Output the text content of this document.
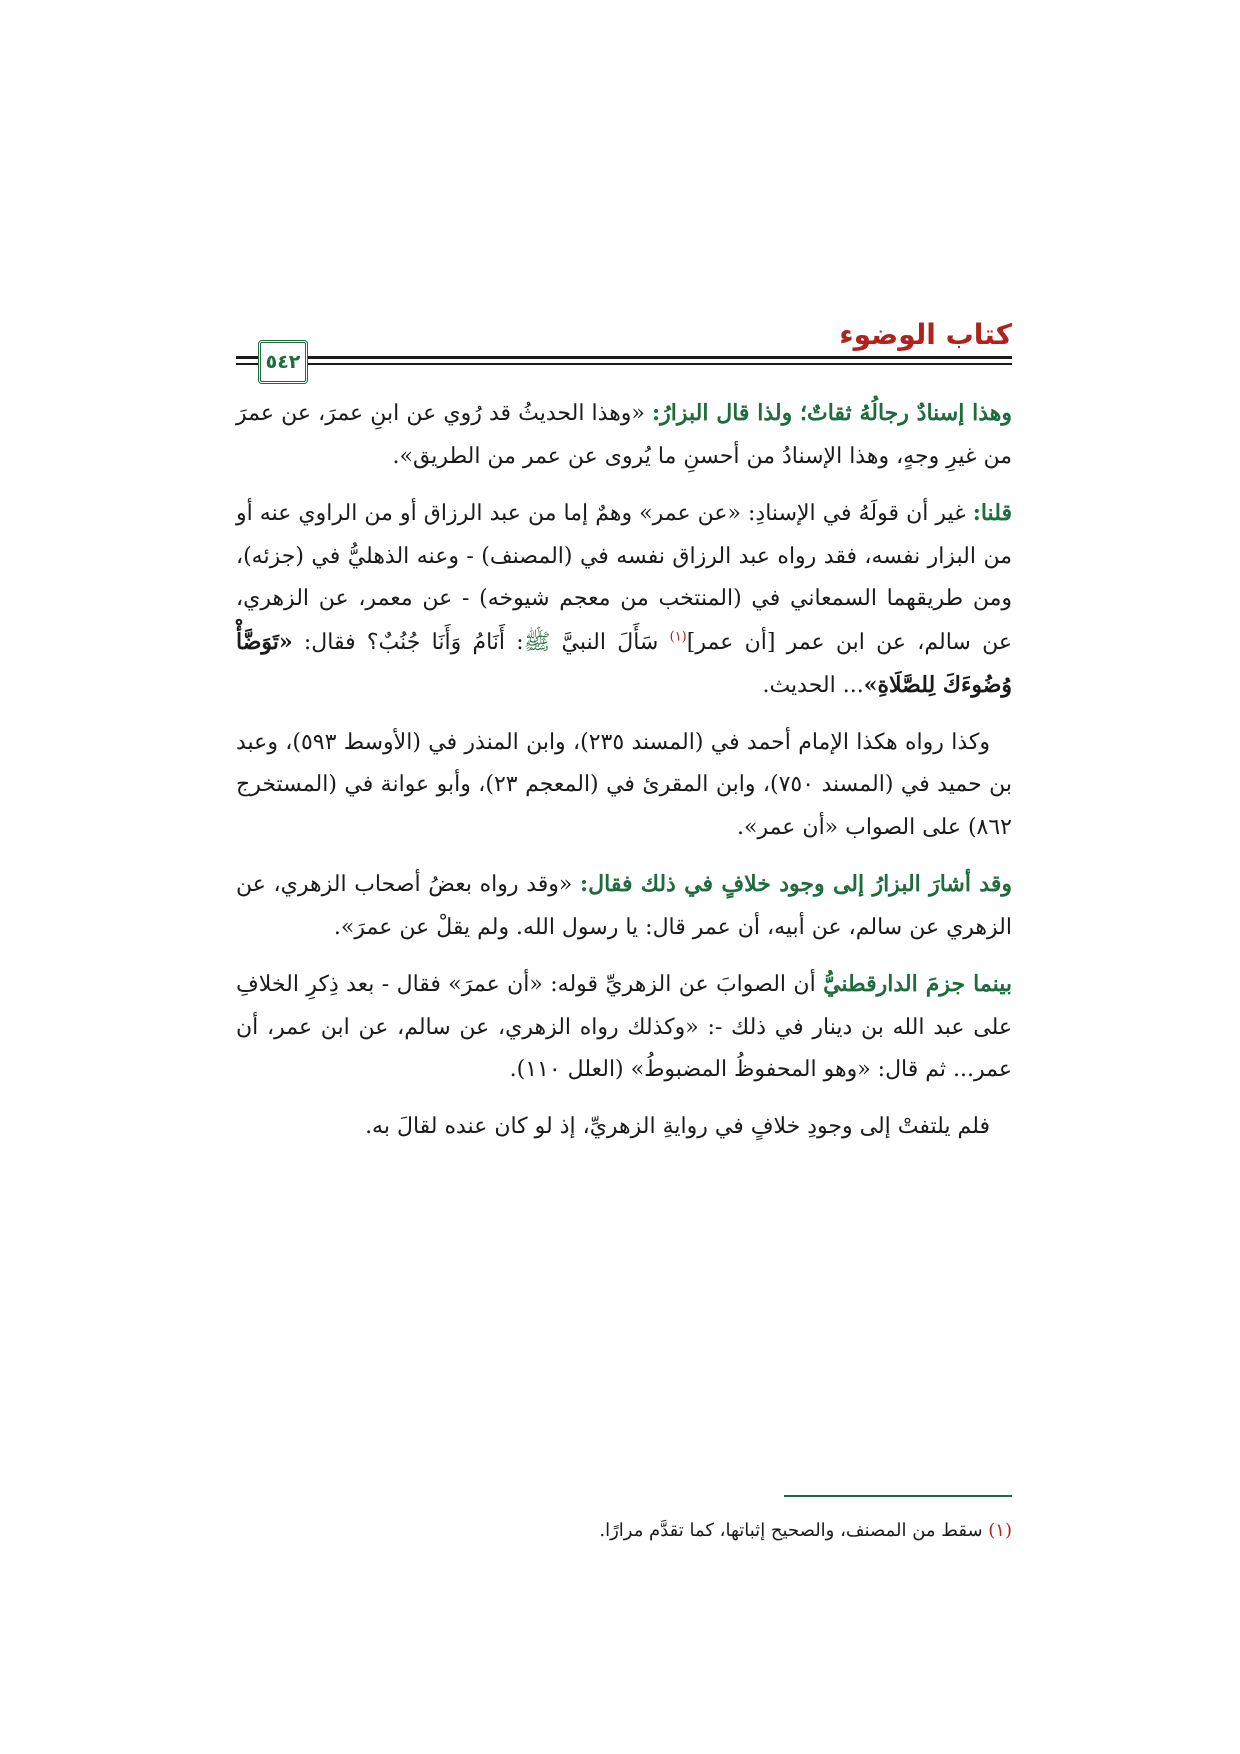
كتاب الوضوء
٥٤٢

وهذا إسنادٌ رجالُهُ ثقاتٌ؛ ولذا قال البزارُ: «وهذا الحديثُ قد رُوي عن ابنِ عمرَ، عن عمرَ من غيرِ وجهٍ، وهذا الإسنادُ من أحسنِ ما يُروى عن عمر من الطريق».

قلنا: غير أن قولَهُ في الإسنادِ: «عن عمر» وهمٌ إما من عبد الرزاق أو من الراوي عنه أو من البزار نفسه، فقد رواه عبد الرزاق نفسه في (المصنف) - وعنه الذهليُّ في (جزئه)، ومن طريقهما السمعاني في (المنتخب من معجم شيوخه) - عن معمر، عن الزهري، عن سالم، عن ابن عمر [أن عمر]$^{(١)}$ سَأَلَ النبيَّ ﷺ: أَنَامُ وَأَنَا جُنُبٌ؟ فقال: «تَوَضَّأْ وُضُوءَكَ لِلصَّلَاةِ»... الحديث.

وكذا رواه هكذا الإمام أحمد في (المسند ٢٣٥)، وابن المنذر في (الأوسط ٥٩٣)، وعبد بن حميد في (المسند ٧٥٠)، وابن المقرئ في (المعجم ٢٣)، وأبو عوانة في (المستخرج ٨٦٢) على الصواب «أن عمر».

وقد أشارَ البزارُ إلى وجود خلافٍ في ذلك فقال: «وقد رواه بعضُ أصحاب الزهري، عن الزهري عن سالم، عن أبيه، أن عمر قال: يا رسول الله. ولم يقلْ عن عمرَ».

بينما جزمَ الدارقطنيُّ أن الصوابَ عن الزهريِّ قوله: «أن عمرَ» فقال - بعد ذِكرِ الخلافِ على عبد الله بن دينار في ذلك -: «وكذلك رواه الزهري، عن سالم، عن ابن عمر، أن عمر... ثم قال: «وهو المحفوظُ المضبوطُ» (العلل ١١٠).

فلم يلتفتْ إلى وجودِ خلافٍ في روايةِ الزهريِّ، إذ لو كان عنده لقالَ به.

(١) سقط من المصنف، والصحيح إثباتها، كما تقدَّم مرارًا.
